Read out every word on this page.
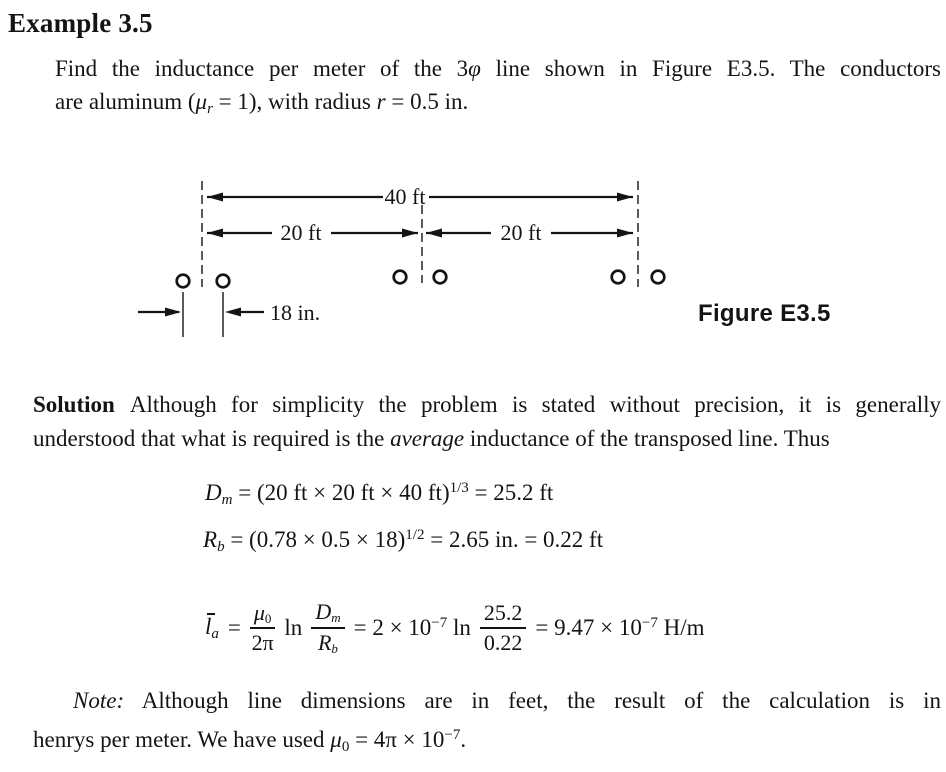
Example 3.5
Find the inductance per meter of the 3φ line shown in Figure E3.5. The conductors
are aluminum $(\mu_r = 1)$, with radius r = 0.5 in.
40 ft
20 ft	20 ft
18 in.	Figure E3.5
Solution Although for simplicity the problem is stated without precision, it is generally
understood that what is required is the average inductance of the transposed line. Thus
$D_m = (20$ ft × 20 ft × 40 ft)$^{1/3}$ = 25.2 ft
$R_b = (0.78 \times 0.5 \times 18)^{1/2} = 2.65$ in. = 0.22 ft
$l_a = \frac{\mu_0}{2\pi}$ $\ln \frac{D_m}{R_b} = 2 \times 10^{-7}$ $\ln \frac{25.2}{0.22} = 9.47 \times 10^{-7}$ H/m
Note: Although line dimensions are in feet, the result of the calculation is in
henrys per meter. We have used $\mu_0 = 4\pi \times 10^{-7}$.
